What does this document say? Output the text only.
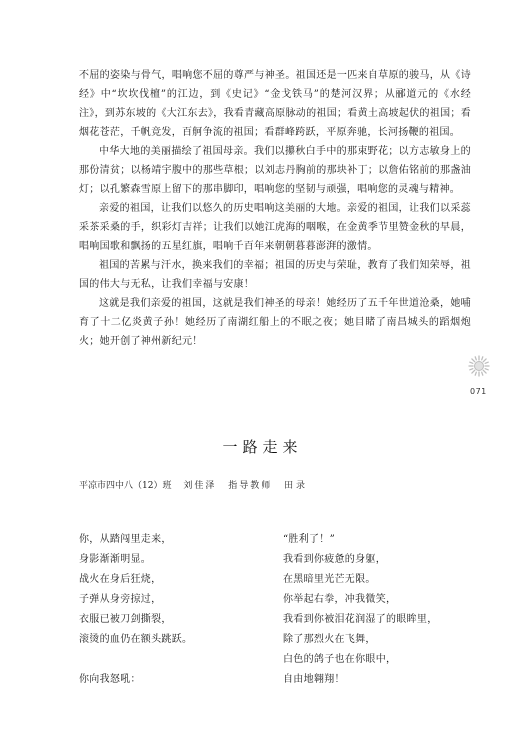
不屈的姿染与骨气，唱响您不屈的尊严与神圣。祖国还是一匹来自草原的骏马，从《诗经》中“坎坎伐檀”的江边，到《史记》“金戈铁马”的楚河汉界；从郦道元的《水经注》，到苏东坡的《大江东去》，我看青藏高原脉动的祖国；看黄土高坡起伏的祖国；看烟花苍茫，千帆竞发，百舸争流的祖国；看群峰跨跃，平原奔驰，长河扬鞭的祖国。

中华大地的美丽描绘了祖国母亲。我们以攥秋白手中的那束野花；以方志敏身上的那份清贫；以杨靖宇腹中的那些草根；以刘志丹胸前的那块补丁；以詹佑铭前的那盏油灯；以孔繁森雪原上留下的那串脚印，唱响您的坚韧与顽强，唱响您的灵魂与精神。

亲爱的祖国，让我们以悠久的历史唱响这美丽的大地。亲爱的祖国，让我们以采蕊采茶采桑的手，织彩灯吉祥；让我们以她江虎海的咽喉，在金黄季节里赞金秋的早晨，唱响国歌和飘扬的五星红旗，唱响千百年来朝朝暮暮澎湃的激情。

祖国的苦累与汗水，换来我们的幸福；祖国的历史与荣耻，教育了我们知荣辱，祖国的伟大与无私，让我们幸福与安康！

这就是我们亲爱的祖国，这就是我们神圣的母亲！她经历了五千年世道沧桑，她哺育了十二亿炎黄子孙！她经历了南湖红船上的不眠之夜；她目睹了南昌城头的蹈烟炮火；她开创了神州新纪元！

071
一路走来
平凉市四中八（12）班 刘佳泽 指导教师 田 录
你，从踏闯里走来，
身影渐渐明显。
战火在身后狂烧，
子弹从身旁掠过，
衣服已被刀剑撕裂，
滚烫的血仍在额头跳跃。
你向我怒吼：
“胜利了！”
我看到你疲惫的身躯，
在黑暗里光芒无限。
你举起右拳，冲我微笑，
我看到你被泪花润湿了的眼眸里，
除了那烈火在飞舞，
白色的鸽子也在你眼中，
自由地翱翔！
